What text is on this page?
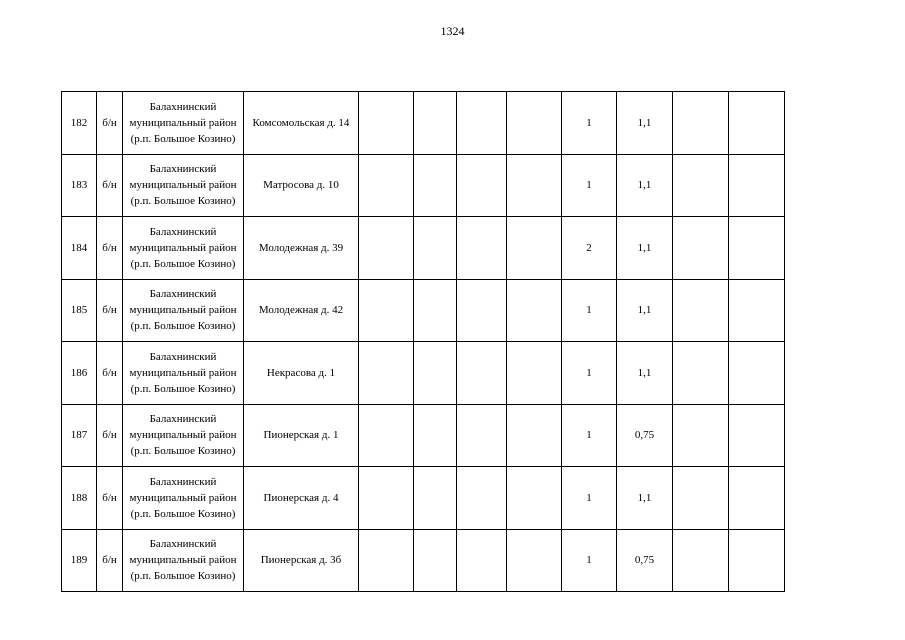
1324
182	б/н	Балахнинский
муниципальный район
(р.п. Большое Козино)	Комсомольская д. 14					1	1,1		
183	б/н	Балахнинский
муниципальный район
(р.п. Большое Козино)	Матросова д. 10					1	1,1		
184	б/н	Балахнинский
муниципальный район
(р.п. Большое Козино)	Молодежная д. 39					2	1,1		
185	б/н	Балахнинский
муниципальный район
(р.п. Большое Козино)	Молодежная д. 42					1	1,1		
186	б/н	Балахнинский
муниципальный район
(р.п. Большое Козино)	Некрасова д. 1					1	1,1		
187	б/н	Балахнинский
муниципальный район
(р.п. Большое Козино)	Пионерская д. 1					1	0,75		
188	б/н	Балахнинский
муниципальный район
(р.п. Большое Козино)	Пионерская д. 4					1	1,1		
189	б/н	Балахнинский
муниципальный район
(р.п. Большое Козино)	Пионерская д. 3б					1	0,75		
